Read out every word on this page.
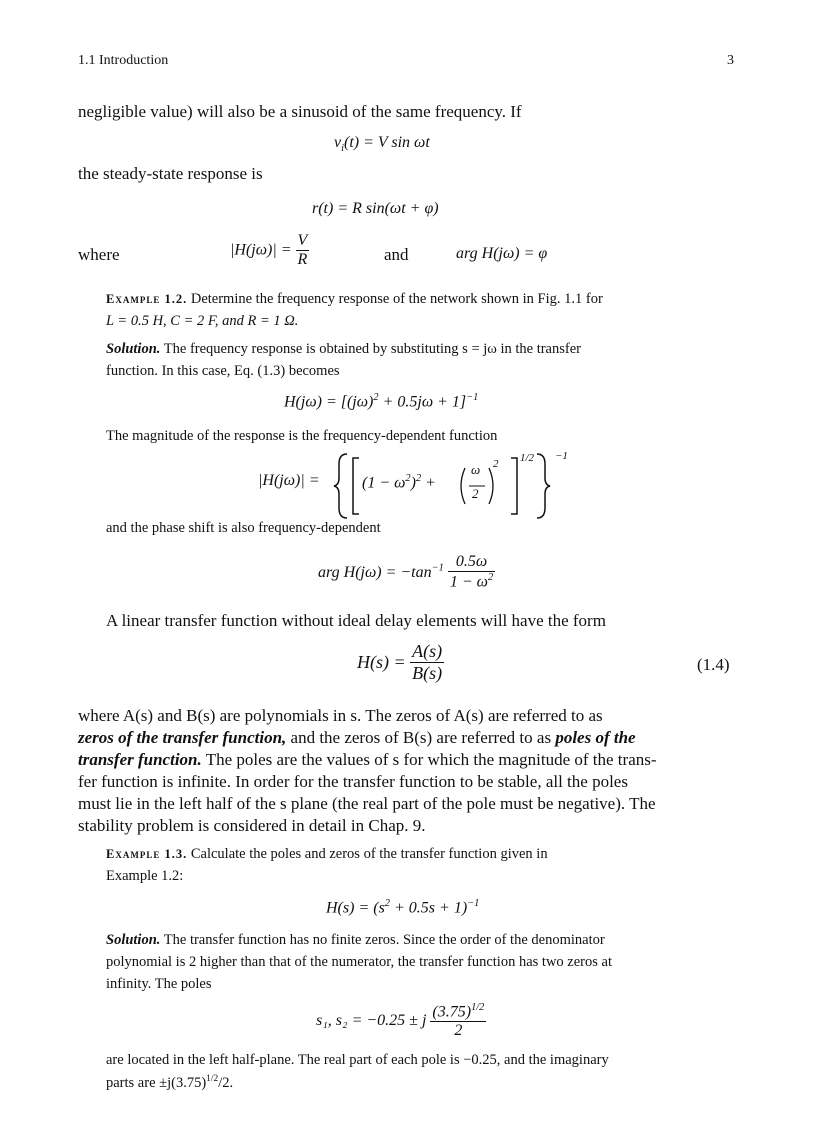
1.1 Introduction	3
negligible value) will also be a sinusoid of the same frequency. If
$v_i(t) = V$ sin ωt
the steady-state response is
r(t) = R sin(ωt + φ)
where	$|H(j\omega)| = \frac{V}{R}$	and	arg H(jω) = φ
Example 1.2. Determine the frequency response of the network shown in Fig. 1.1 for
L = 0.5 H, C = 2 F, and R = 1 Ω.
Solution. The frequency response is obtained by substituting s = jω in the transfer
function. In this case, Eq. (1.3) becomes
$H(j\omega) = [(j\omega)^2 + 0.5j\omega + 1]^{-1}$
The magnitude of the response is the frequency-dependent function
|H(jω)| =	$(1 - \omega^2)^2$ +
ω
2
2 1/2 −1
and the phase shift is also frequency-dependent
arg $H(j\omega) = -\tan^{-1} \frac{0.5\omega}{1 - \omega^2}$
A linear transfer function without ideal delay elements will have the form
$H(s) = \frac{A(s)}{B(s)}$	(1.4)
where A(s) and B(s) are polynomials in s. The zeros of A(s) are referred to as
zeros of the transfer function, and the zeros of B(s) are referred to as poles of the
transfer function. The poles are the values of s for which the magnitude of the trans-
fer function is infinite. In order for the transfer function to be stable, all the poles
must lie in the left half of the s plane (the real part of the pole must be negative). The
stability problem is considered in detail in Chap. 9.
Example 1.3. Calculate the poles and zeros of the transfer function given in
Example 1.2:
$H(s) = (s^2 + 0.5s + 1)^{-1}$
Solution. The transfer function has no finite zeros. Since the order of the denominator
polynomial is 2 higher than that of the numerator, the transfer function has two zeros at
infinity. The poles
s₁, s₂ = −0.25 ± j $\frac{(3.75)^{1/2}}{2}$
are located in the left half-plane. The real part of each pole is −0.25, and the imaginary
parts are $\pm j(3.75)^{1/2}/2$.
